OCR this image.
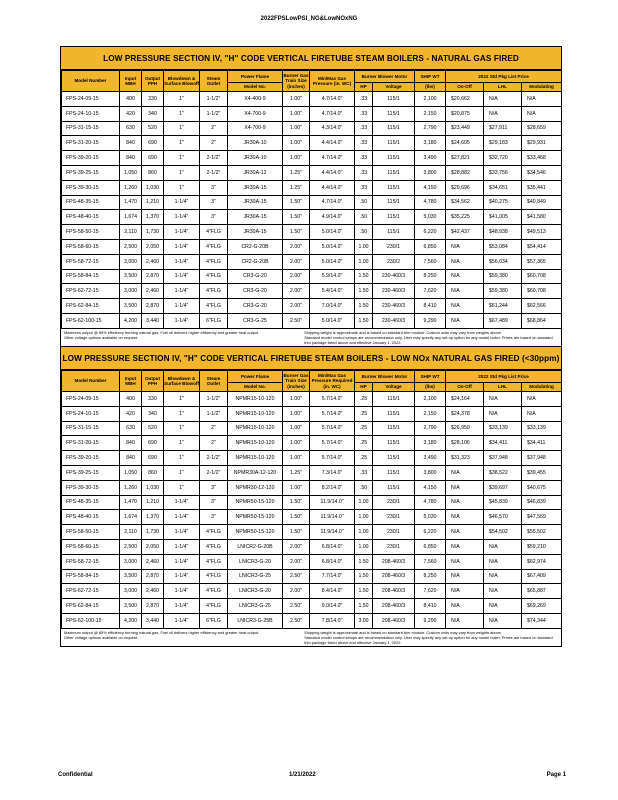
2022FPSLowPSI_NG&LowNOxNG
LOW PRESSURE SECTION IV, "H" CODE VERTICAL FIRETUBE STEAM BOILERS - NATURAL GAS FIRED
Model Number	Input MBH	Output PPH	Blowdown & Surface Blowoff	Steam Outlet	Power Flame	Burner Gas Train Size (inches)	Min/Max Gas Pressure (in. WC)	Burner Blower Motor		SHIP WT	2022 Std Pkg List Price		
					Model No.			HP	Voltage	(lbs)	On-Off	LHL	Modulating
FPS-24-09-15	400	330	1"	1-1/2"	X4-400-9	1.00"	4.7/14.0"	.33	115/1	2,100	$20,662	N/A	N/A
FPS-24-10-15	420	340	1"	1-1/2"	X4-700-9	1.00"	4.7/14.0"	.33	115/1	2,150	$20,875	N/A	N/A
FPS-31-15-15	630	520	1"	2"	X4-700-9	1.00"	4.3/14.0"	.33	115/1	2,790	$23,449	$27,911	$28,659
FPS-31-20-15	840	690	1"	2"	JR30A-10	1.00"	4.4/14.0"	.33	115/1	3,180	$24,605	$29,183	$29,931
FPS-39-20-15	840	690	1"	2-1/2"	JR30A-10	1.00"	4.7/14.0"	.33	115/1	3,490	$27,821	$32,720	$33,468
FPS-39-25-15	1,050	860	1"	2-1/2"	JR30A-12	1.25"	4.4/14.0"	.33	115/1	3,800	$28,882	$33,756	$34,546
FPS-39-30-15	1,260	1,030	1"	3"	JR30A-15	1.25"	4.4/14.0"	.33	115/1	4,150	$29,696	$34,651	$35,441
FPS-48-35-15	1,470	1,210	1-1/4"	3"	JR30A-15	1.50"	4.7/14.0"	.50	115/1	4,780	$34,562	$40,275	$40,849
FPS-48-40-15	1,674	1,370	1-1/4"	3"	JR30A-15	1.50"	4.9/14.0"	.50	115/1	5,030	$35,225	$41,005	$41,580
FPS-58-50-15	2,110	1,730	1-1/4"	4"FLG	JR30A-15	1.50"	5.0/14.0"	.50	115/1	6,220	$42,437	$48,938	$49,513
FPS-58-60-15	2,500	2,050	1-1/4"	4"FLG	CR2-G-20B	2.00"	5.0/14.0"	1.00	230/1	6,850	N/A	$53,084	$54,414
FPS-58-72-15	3,000	2,460	1-1/4"	4"FLG	CR2-G-20B	2.00"	5.0/14.0"	1.00	230/2	7,560	N/A	$56,034	$57,365
FPS-58-84-15	3,500	2,870	1-1/4"	4"FLG	CR3-G-20	2.00"	5.9/14.0"	1.50	230-460/3	8,250	N/A	$59,380	$60,708
FPS-62-72-15	3,000	2,460	1-1/4"	4"FLG	CR3-G-20	2.00"	5.4/14.0"	1.50	230-460/3	7,620	N/A	$59,380	$60,708
FPS-62-84-15	3,500	2,870	1-1/4"	4"FLG	CR3-G-20	2.00"	7.0/14.0"	1.50	230-460/3	8,410	N/A	$61,244	$62,566
FPS-62-100-15	4,200	3,440	1-1/4"	6"FLG	CR3-G-25	2.50"	5.0/14.0"	1.50	230-460/3	9,290	N/A	$67,489	$68,864
Maximum output @ 85% efficiency burning natural gas. Fuel oil delivers higher efficiency and greater heat output.
Other voltage options available on request.
Shipping weight is approximate and is based on standard trim module. Custom units may vary from weights above.
Standard model control setups are recommendation only. User may specify any set-up option for any model boiler. Prices are based on standard trim package listed above and effective January 1, 2022.
LOW PRESSURE SECTION IV, "H" CODE VERTICAL FIRETUBE STEAM BOILERS - LOW NOx NATURAL GAS FIRED (<30ppm)
Model Number	Input MBH	Output PPH	Blowdown & Surface Blowoff	Steam Outlet	Power Flame	Burner Gas Train Size (inches)	Min/Max Gas Pressure Required (in. WC)	Burner Blower Motor		SHIP WT	2022 Std Pkg List Price		
					Model No.			HP	Voltage	(lbs)	On-Off	LHL	Modulating
FPS-24-09-15	400	330	1"	1-1/2"	NPMR15-10-120	1.00"	5.7/14.0"	.25	115/1	2,100	$24,164	N/A	N/A
FPS-24-10-15	420	340	1"	1-1/2"	NPMR15-10-120	1.00"	5.7/14.0"	.25	115/1	2,150	$24,378	N/A	N/A
FPS-31-15-15	630	520	1"	2"	NPMR15-10-120	1.00"	5.7/14.0"	.25	115/1	2,790	$26,950	$33,139	$33,139
FPS-31-20-15	840	690	1"	2"	NPMR15-10-120	1.00"	5.7/14.0"	.25	115/1	3,180	$28,106	$34,411	$34,411
FPS-39-20-15	840	690	1"	2-1/2"	NPMR15-10-120	1.00"	5.7/14.0"	.25	115/1	3,490	$31,323	$37,948	$37,948
FPS-39-25-15	1,050	860	1"	2-1/2"	NPMR30A-12-120	1.25"	7.3/14.0"	.33	115/1	3,800	N/A	$38,522	$39,455
FPS-39-30-15	1,260	1,030	1"	3"	NPMR30-12-120	1.00"	8.2/14.0"	.50	115/1	4,150	N/A	$39,697	$40,675
FPS-48-35-15	1,470	1,210	1-1/4"	3"	NPMR50-15-120	1.50"	11.9/14.0"	1.00	230/1	4,780	N/A	$45,839	$46,839
FPS-48-40-15	1,674	1,370	1-1/4"	3"	NPMR50-15-120	1.50"	11.9/14.0"	1.00	230/1	5,030	N/A	$46,570	$47,569
FPS-58-50-15	2,110	1,730	1-1/4"	4"FLG	NPMR50-15-120	1.50"	11.9/14.0"	1.00	230/1	6,220	N/A	$54,502	$55,502
FPS-58-60-15	2,500	2,050	1-1/4"	4"FLG	LNICR2-G-20B	2.00"	6.8/14.0"	1.00	230/1	6,850	N/A	N/A	$59,210
FPS-58-72-15	3,000	2,460	1-1/4"	4"FLG	LNICR3-G-20	2.00"	6.8/14.0"	1.50	208-460/3	7,560	N/A	N/A	$62,974
FPS-58-84-15	3,500	2,870	1-1/4"	4"FLG	LNICR3-G-25	2.50"	7.7/14.0"	1.50	208-460/3	8,250	N/A	N/A	$67,409
FPS-62-72-15	3,000	2,460	1-1/4"	4"FLG	LNICR3-G-20	2.00"	8.4/14.0"	1.50	208-460/3	7,620	N/A	N/A	$65,887
FPS-62-84-15	3,500	2,870	1-1/4"	4"FLG	LNICR3-G-25	2.50"	9.0/14.0"	1.50	208-460/3	8,410	N/A	N/A	$69,269
FPS-62-100-15	4,200	3,440	1-1/4"	6"FLG	LNICR3-G-25B	2.50"	7.8/14.0"	3.00	208-460/3	9,290	N/A	N/A	$74,344
Maximum output @ 85% efficiency burning natural gas. Fuel oil delivers higher efficiency and greater heat output.
Other voltage options available on request.
Shipping weight is approximate and is based on standard trim module. Custom units may vary from weights above.
Standard model control setups are recommendation only. User may specify any set-up option for any model boiler. Prices are based on standard trim package listed above and effective January 1, 2022.
Confidential	1/21/2022	Page 1
